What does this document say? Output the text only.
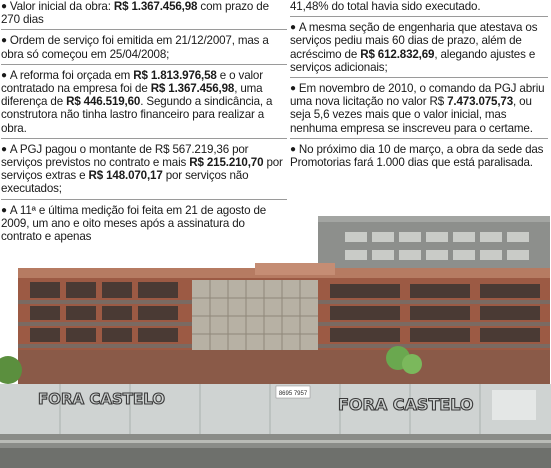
8695 7957
FORA CASTELO	FORA CASTELO

● Valor inicial da obra: R$ 1.367.456,98 com prazo de 270 dias

● Ordem de serviço foi emitida em 21/12/2007, mas a obra só começou em 25/04/2008;

● A reforma foi orçada em R$ 1.813.976,58 e o valor contratado na empresa foi de R$ 1.367.456,98, uma diferença de R$ 446.519,60. Segundo a sindicância, a construtora não tinha lastro financeiro para realizar a obra.

● A PGJ pagou o montante de R$ 567.219,36 por serviços previstos no contrato e mais R$ 215.210,70 por serviços extras e R$ 148.070,17 por serviços não executados;

● A 11ª e última medição foi feita em 21 de agosto de 2009, um ano e oito meses após a assinatura do contrato e apenas

41,48% do total havia sido executado.

● A mesma seção de engenharia que atestava os serviços pediu mais 60 dias de prazo, além de acréscimo de R$ 612.832,69, alegando ajustes e serviços adicionais;

● Em novembro de 2010, o comando da PGJ abriu uma nova licitação no valor R$ 7.473.075,73, ou seja 5,6 vezes mais que o valor inicial, mas nenhuma empresa se inscreveu para o certame.

● No próximo dia 10 de março, a obra da sede das Promotorias fará 1.000 dias que está paralisada.
